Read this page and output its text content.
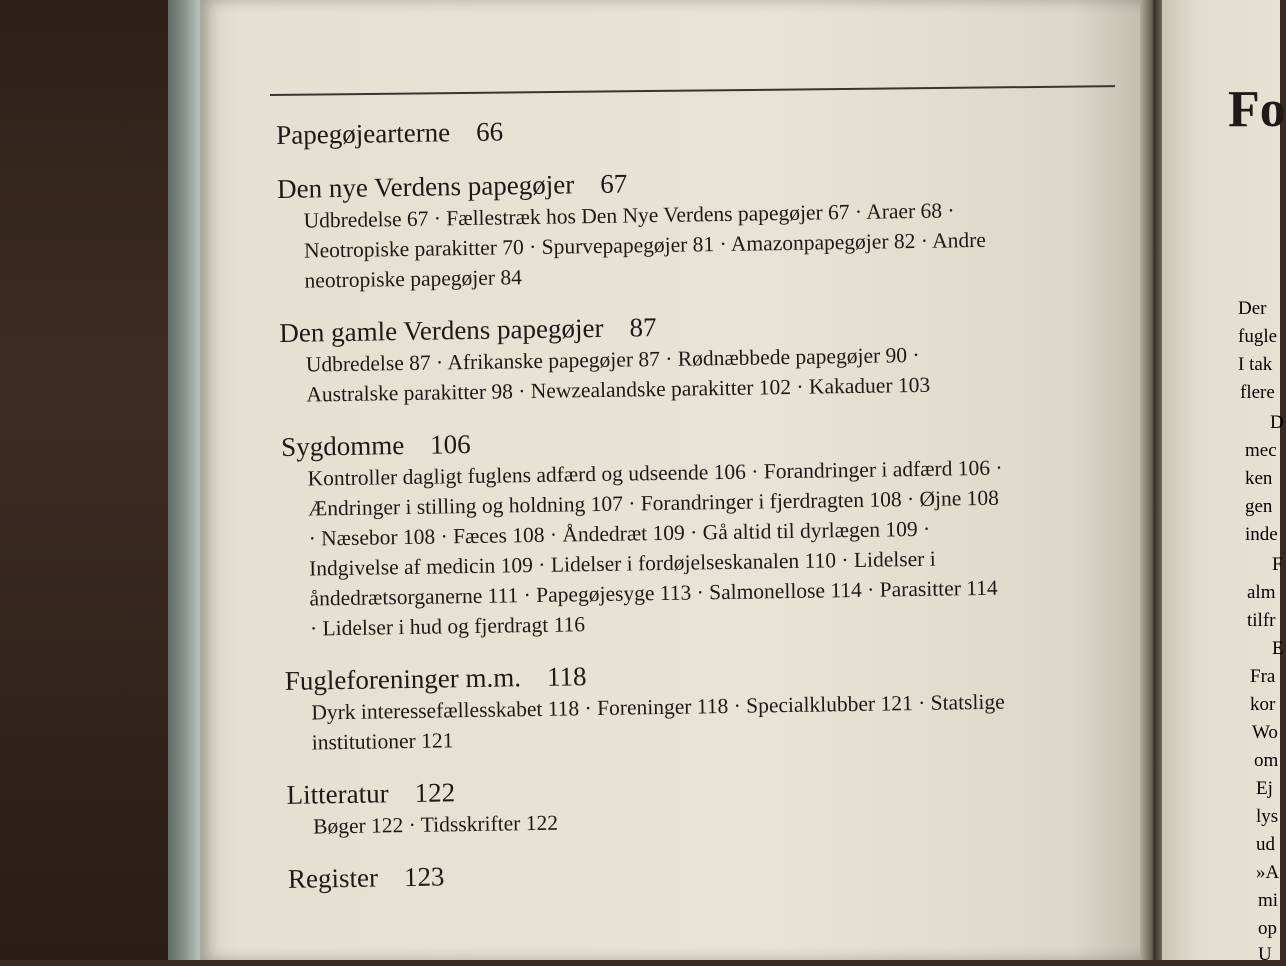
Papegøjearterne 66
Den nye Verdens papegøjer 67
Udbredelse 67 · Fællestræk hos Den Nye Verdens papegøjer 67 · Araer 68 ·
Neotropiske parakitter 70 · Spurvepapegøjer 81 · Amazonpapegøjer 82 · Andre
neotropiske papegøjer 84
Den gamle Verdens papegøjer 87
Udbredelse 87 · Afrikanske papegøjer 87 · Rødnæbbede papegøjer 90 ·
Australske parakitter 98 · Newzealandske parakitter 102 · Kakaduer 103
Sygdomme 106
Kontroller dagligt fuglens adfærd og udseende 106 · Forandringer i adfærd 106 ·
Ændringer i stilling og holdning 107 · Forandringer i fjerdragten 108 · Øjne 108
· Næsebor 108 · Fæces 108 · Åndedræt 109 · Gå altid til dyrlægen 109 ·
Indgivelse af medicin 109 · Lidelser i fordøjelseskanalen 110 · Lidelser i
åndedrætsorganerne 111 · Papegøjesyge 113 · Salmonellose 114 · Parasitter 114
· Lidelser i hud og fjerdragt 116
Fugleforeninger m.m. 118
Dyrk interessefællesskabet 118 · Foreninger 118 · Specialklubber 121 · Statslige
institutioner 121
Litteratur 122
Bøger 122 · Tidsskrifter 122
Register 123
Fo
Der
fugle
I tak
flere
D
mec
ken
gen
inde
F
alm
tilfr
E
Fra
kor
Wo
om
Ej
lys
ud
»A
mi
op
U
